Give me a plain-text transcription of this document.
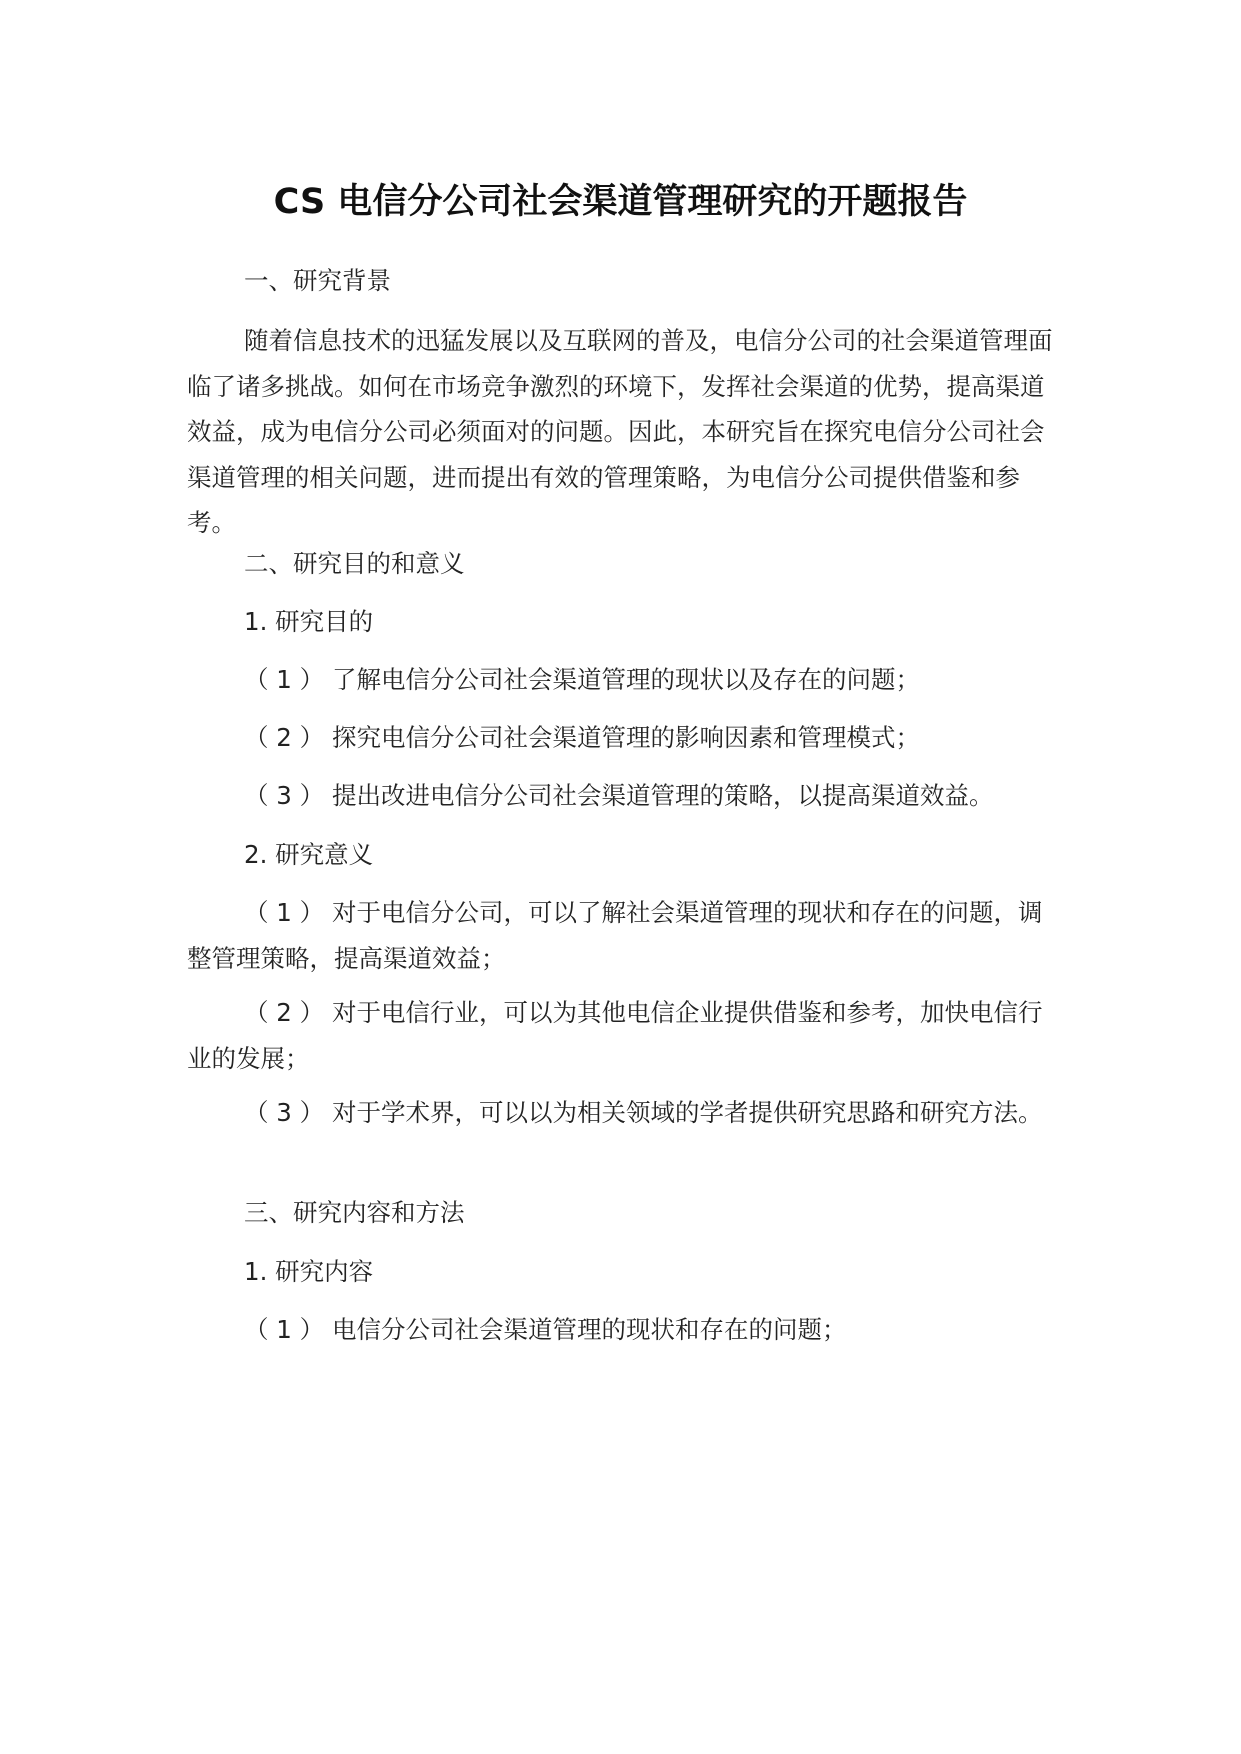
CS 电信分公司社会渠道管理研究的开题报告
一、研究背景

随着信息技术的迅猛发展以及互联网的普及，电信分公司的社会渠道管理面临了诸多挑战。如何在市场竞争激烈的环境下，发挥社会渠道的优势，提高渠道效益，成为电信分公司必须面对的问题。因此，本研究旨在探究电信分公司社会渠道管理的相关问题，进而提出有效的管理策略，为电信分公司提供借鉴和参考。

二、研究目的和意义
1. 研究目的
（ 1 ） 了解电信分公司社会渠道管理的现状以及存在的问题；
（ 2 ） 探究电信分公司社会渠道管理的影响因素和管理模式；
（ 3 ） 提出改进电信分公司社会渠道管理的策略，以提高渠道效益。
2. 研究意义

（ 1 ） 对于电信分公司，可以了解社会渠道管理的现状和存在的问题，调整管理策略，提高渠道效益；

（ 2 ） 对于电信行业，可以为其他电信企业提供借鉴和参考，加快电信行业的发展；

（ 3 ） 对于学术界，可以以为相关领域的学者提供研究思路和研究方法。

三、研究内容和方法
1. 研究内容
（ 1 ） 电信分公司社会渠道管理的现状和存在的问题；
